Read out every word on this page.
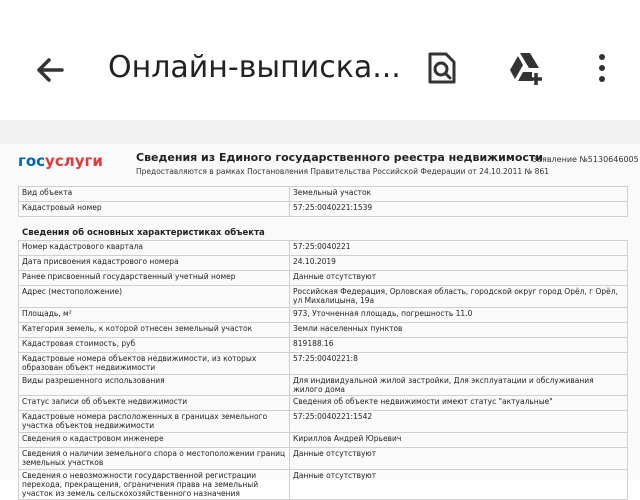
Онлайн-выписка...
госуслуги	Сведения из Единого государственного реестра недвижимости
Предоставляются в рамках Постановления Правительства Российской Федерации от 24.10.2011 № 861
Заявление №5130646005
Вид объекта	Земельный участок
Кадастровый номер	57:25:0040221:1539
Сведения об основных характеристиках объекта
Номер кадастрового квартала	57:25:0040221
Дата присвоения кадастрового номера	24.10.2019
Ранее присвоенный государственный учетный номер	Данные отсутствуют
Адрес (местоположение)	Российская Федерация, Орловская область, городской округ город Орёл, г Орёл, ул Михалицына, 19а
Площадь, м²	973, Уточненная площадь, погрешность 11.0
Категория земель, к которой отнесен земельный участок	Земли населенных пунктов
Кадастровая стоимость, руб	819188.16
Кадастровые номера объектов недвижимости, из которых образован объект недвижимости	57:25:0040221:8
Виды разрешенного использования	Для индивидуальной жилой застройки, Для эксплуатации и обслуживания жилого дома
Статус записи об объекте недвижимости	Сведения об объекте недвижимости имеют статус "актуальные"
Кадастровые номера расположенных в границах земельного участка объектов недвижимости	57:25:0040221:1542
Сведения о кадастровом инженере	Кириллов Андрей Юрьевич
Сведения о наличии земельного спора о местоположении границ земельных участков	Данные отсутствуют
Сведения о невозможности государственной регистрации перехода, прекращения, ограничения права на земельный участок из земель сельскохозяйственного назначения	Данные отсутствуют
